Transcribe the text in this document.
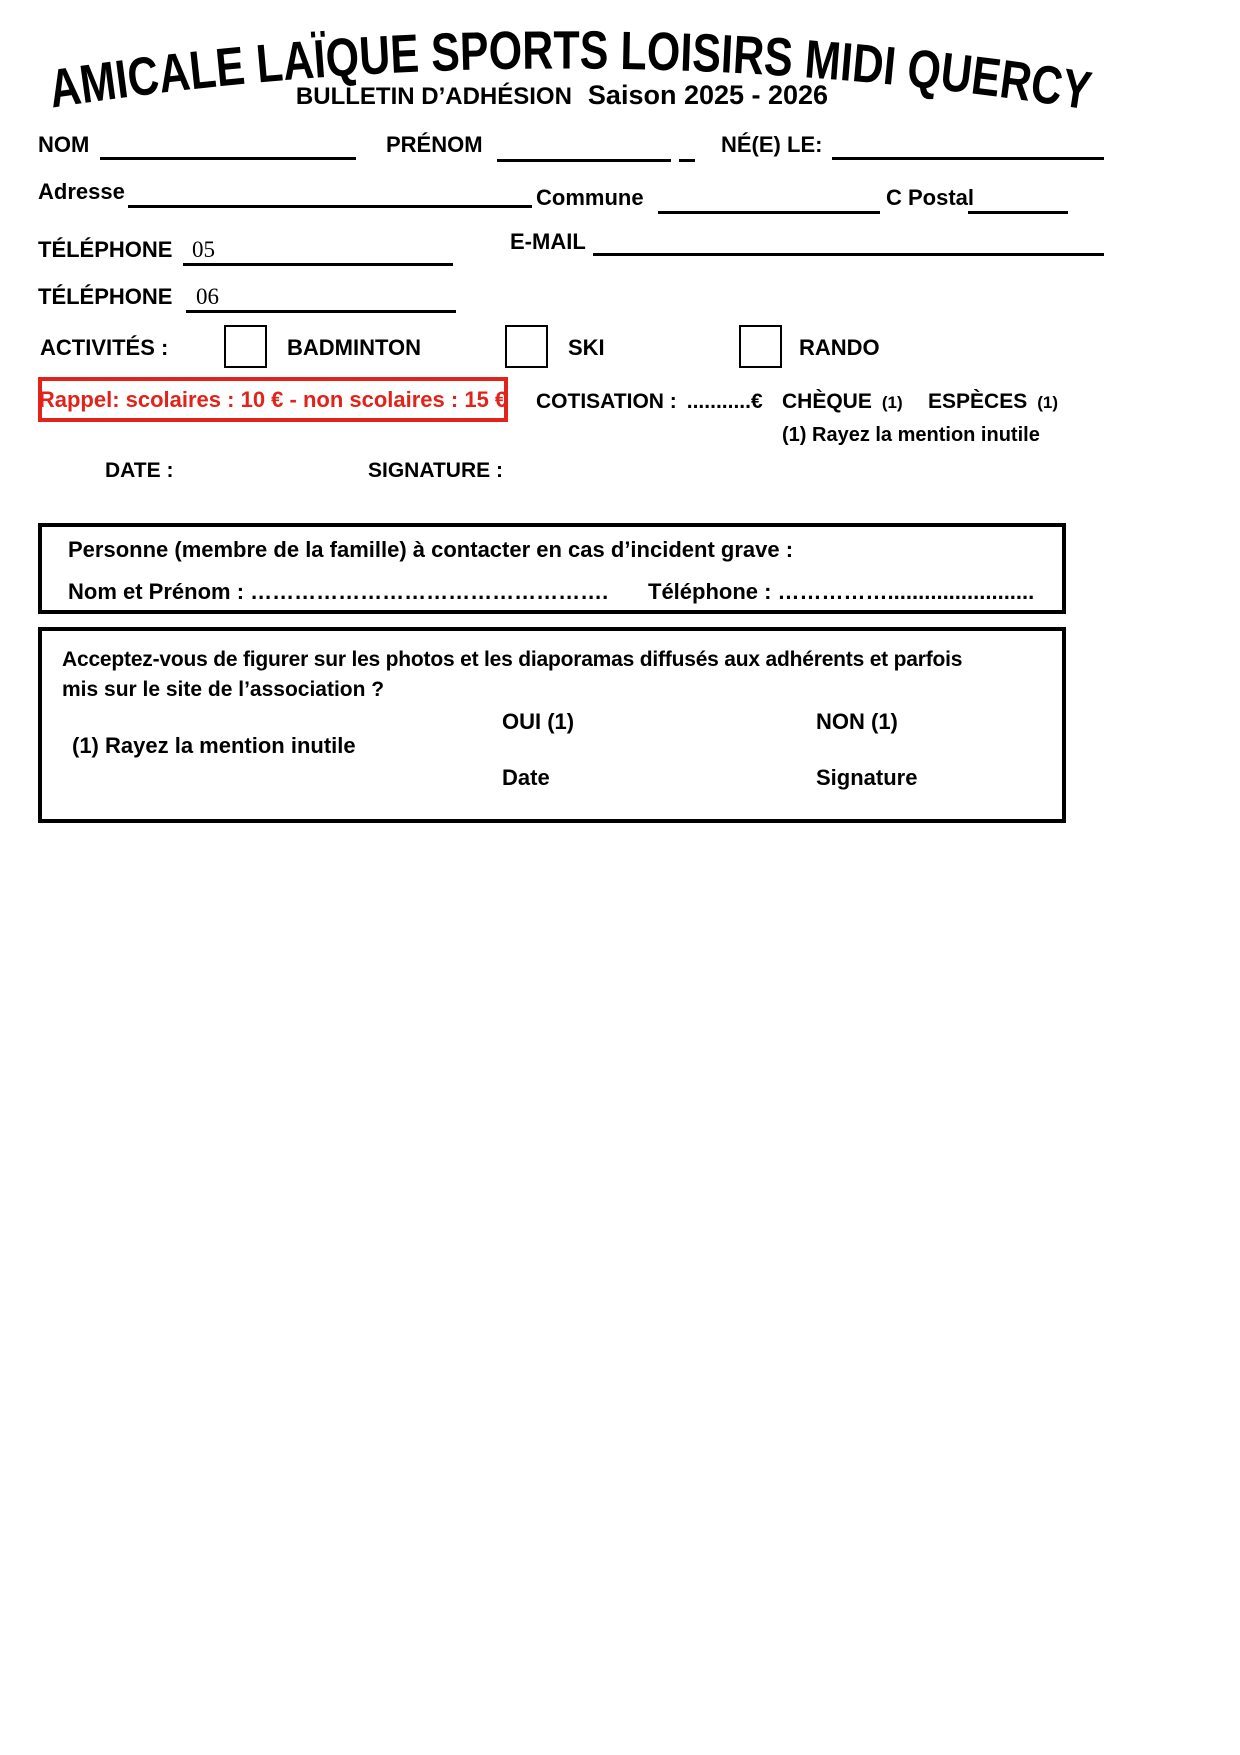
AMICALE LAÏQUE SPORTS LOISIRS MIDI QUERCY
BULLETIN D’ADHÉSION Saison 2025 - 2026
NOM	PRÉNOM	NÉ(E) LE:
Adresse	Commune	C Postal
TÉLÉPHONE 05	E-MAIL
TÉLÉPHONE 06
ACTIVITÉS :	BADMINTON	SKI	RANDO
Rappel: scolaires : 10 € - non scolaires : 15 € COTISATION : ...........€ CHÈQUE (1) ESPÈCES (1)
(1) Rayez la mention inutile
DATE :	SIGNATURE :
Personne (membre de la famille) à contacter en cas d’incident grave :
Nom et Prénom : …………………………………………. Téléphone : ……………........................
Acceptez-vous de figurer sur les photos et les diaporamas diffusés aux adhérents et parfois
mis sur le site de l’association ?
OUI (1)	NON (1)
(1) Rayez la mention inutile
Date	Signature
